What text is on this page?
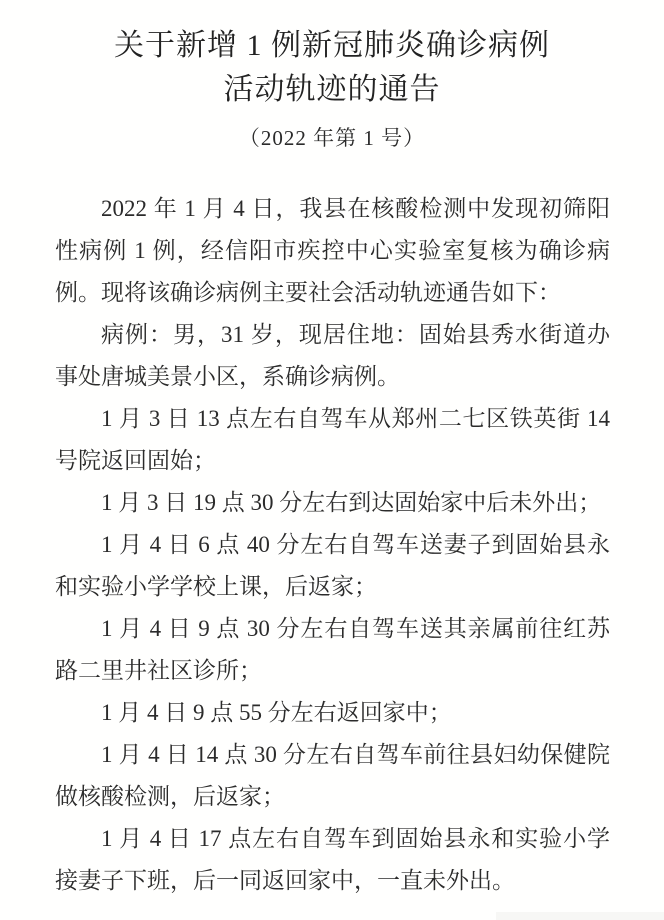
关于新增 1 例新冠肺炎确诊病例
活动轨迹的通告
（2022 年第 1 号）

2022 年 1 月 4 日，我县在核酸检测中发现初筛阳性病例 1 例，经信阳市疾控中心实验室复核为确诊病例。现将该确诊病例主要社会活动轨迹通告如下：

病例：男，31 岁，现居住地：固始县秀水街道办事处唐城美景小区，系确诊病例。

1 月 3 日 13 点左右自驾车从郑州二七区铁英街 14 号院返回固始；

1 月 3 日 19 点 30 分左右到达固始家中后未外出；

1 月 4 日 6 点 40 分左右自驾车送妻子到固始县永和实验小学学校上课，后返家；

1 月 4 日 9 点 30 分左右自驾车送其亲属前往红苏路二里井社区诊所；

1 月 4 日 9 点 55 分左右返回家中；

1 月 4 日 14 点 30 分左右自驾车前往县妇幼保健院做核酸检测，后返家；

1 月 4 日 17 点左右自驾车到固始县永和实验小学接妻子下班，后一同返回家中，一直未外出。
